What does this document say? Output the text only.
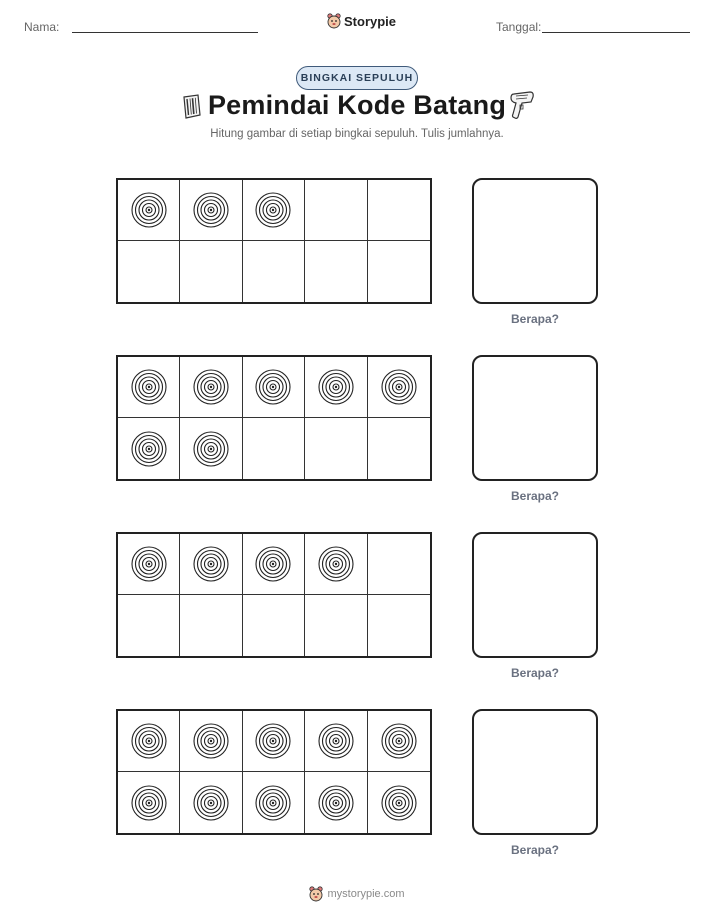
Nama:	Storypie	Tanggal:
BINGKAI SEPULUH
Pemindai Kode Batang
Hitung gambar di setiap bingkai sepuluh. Tulis jumlahnya.
Berapa?
Berapa?
Berapa?
Berapa?
mystorypie.com
